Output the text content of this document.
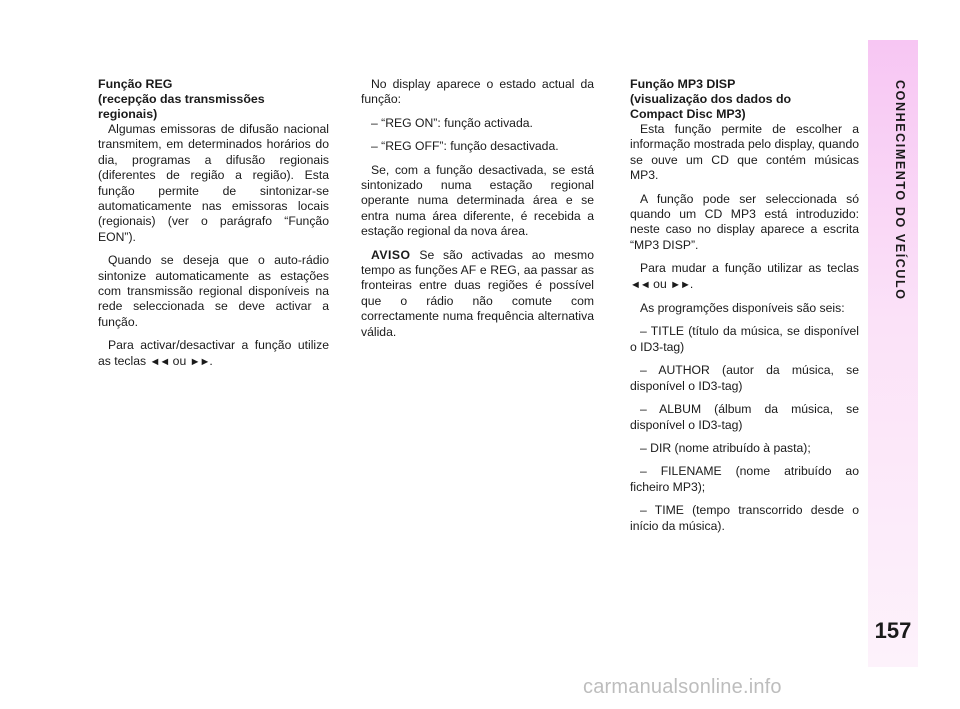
CONHECIMENTO DO VEÍCULO
157
Função REG
(recepção das transmissões
regionais)

Algumas emissoras de difusão nacional transmitem, em determinados horários do dia, programas a difusão regionais (diferentes de região a região). Esta função permite de sintonizar-se automaticamente nas emissoras locais (regionais) (ver o parágrafo “Função EON”).

Quando se deseja que o auto-rádio sintonize automaticamente as estações com transmissão regional disponíveis na rede seleccionada se deve activar a função.

Para activar/desactivar a função utilize as teclas ◄◄ ou ►►.

No display aparece o estado actual da função:

– “REG ON”: função activada.

– “REG OFF”: função desactivada.

Se, com a função desactivada, se está sintonizado numa estação regional operante numa determinada área e se entra numa área diferente, é recebida a estação regional da nova área.

AVISO Se são activadas ao mesmo tempo as funções AF e REG, aa passar as fronteiras entre duas regiões é possível que o rádio não comute com correctamente numa frequência alternativa válida.

Função MP3 DISP
(visualização dos dados do
Compact Disc MP3)

Esta função permite de escolher a informação mostrada pelo display, quando se ouve um CD que contém músicas MP3.

A função pode ser seleccionada só quando um CD MP3 está introduzido: neste caso no display aparece a escrita “MP3 DISP”.

Para mudar a função utilizar as teclas ◄◄ ou ►►.

As programções disponíveis são seis:

– TITLE (título da música, se disponível o ID3-tag)

– AUTHOR (autor da música, se disponível o ID3-tag)

– ALBUM (álbum da música, se disponível o ID3-tag)

– DIR (nome atribuído à pasta);

– FILENAME (nome atribuído ao ficheiro MP3);

– TIME (tempo transcorrido desde o início da música).

carmanualsonline.info
